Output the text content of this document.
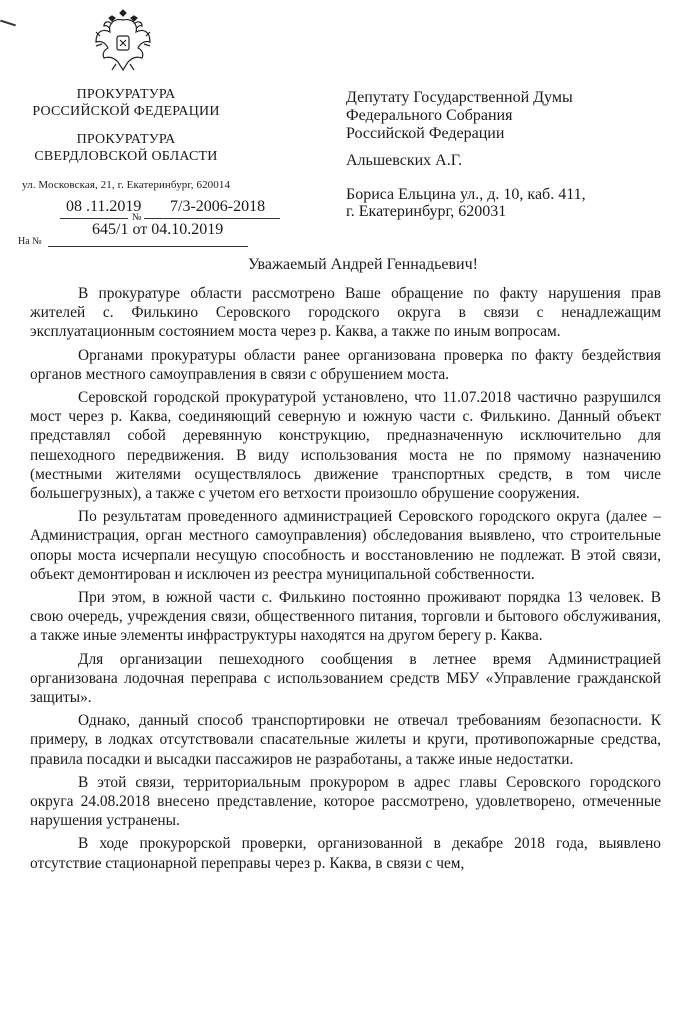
ПРОКУРАТУРА
РОССИЙСКОЙ ФЕДЕРАЦИИ
ПРОКУРАТУРА
СВЕРДЛОВСКОЙ ОБЛАСТИ
ул. Московская, 21, г. Екатеринбург, 620014
08 .11.2019
№
7/3-2006-2018
645/1 от 04.10.2019
На №
Депутату Государственной Думы
Федерального Собрания
Российской Федерации
Альшевских А.Г.
Бориса Ельцина ул., д. 10, каб. 411,
г. Екатеринбург, 620031
Уважаемый Андрей Геннадьевич!

В прокуратуре области рассмотрено Ваше обращение по факту нарушения прав жителей с. Филькино Серовского городского округа в связи с ненадлежащим эксплуатационным состоянием моста через р. Каква, а также по иным вопросам.

Органами прокуратуры области ранее организована проверка по факту бездействия органов местного самоуправления в связи с обрушением моста.

Серовской городской прокуратурой установлено, что 11.07.2018 частично разрушился мост через р. Каква, соединяющий северную и южную части с. Филькино. Данный объект представлял собой деревянную конструкцию, предназначенную исключительно для пешеходного передвижения. В виду использования моста не по прямому назначению (местными жителями осуществлялось движение транспортных средств, в том числе большегрузных), а также с учетом его ветхости произошло обрушение сооружения.

По результатам проведенного администрацией Серовского городского округа (далее – Администрация, орган местного самоуправления) обследования выявлено, что строительные опоры моста исчерпали несущую способность и восстановлению не подлежат. В этой связи, объект демонтирован и исключен из реестра муниципальной собственности.

При этом, в южной части с. Филькино постоянно проживают порядка 13 человек. В свою очередь, учреждения связи, общественного питания, торговли и бытового обслуживания, а также иные элементы инфраструктуры находятся на другом берегу р. Каква.

Для организации пешеходного сообщения в летнее время Администрацией организована лодочная переправа с использованием средств МБУ «Управление гражданской защиты».

Однако, данный способ транспортировки не отвечал требованиям безопасности. К примеру, в лодках отсутствовали спасательные жилеты и круги, противопожарные средства, правила посадки и высадки пассажиров не разработаны, а также иные недостатки.

В этой связи, территориальным прокурором в адрес главы Серовского городского округа 24.08.2018 внесено представление, которое рассмотрено, удовлетворено, отмеченные нарушения устранены.

В ходе прокурорской проверки, организованной в декабре 2018 года, выявлено отсутствие стационарной переправы через р. Каква, в связи с чем,
